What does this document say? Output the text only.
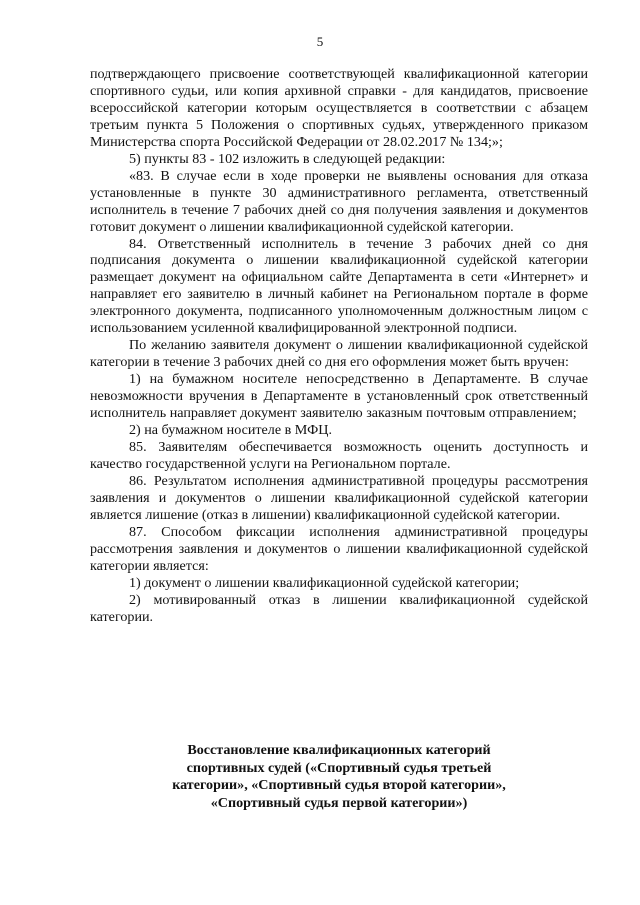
5

подтверждающего присвоение соответствующей квалификационной категории спортивного судьи, или копия архивной справки - для кандидатов, присвоение всероссийской категории которым осуществляется в соответствии с абзацем третьим пункта 5 Положения о спортивных судьях, утвержденного приказом Министерства спорта Российской Федерации от 28.02.2017 № 134;»;

5) пункты 83 - 102 изложить в следующей редакции:

«83. В случае если в ходе проверки не выявлены основания для отказа установленные в пункте 30 административного регламента, ответственный исполнитель в течение 7 рабочих дней со дня получения заявления и документов готовит документ о лишении квалификационной судейской категории.

84. Ответственный исполнитель в течение 3 рабочих дней со дня подписания документа о лишении квалификационной судейской категории размещает документ на официальном сайте Департамента в сети «Интернет» и направляет его заявителю в личный кабинет на Региональном портале в форме электронного документа, подписанного уполномоченным должностным лицом с использованием усиленной квалифицированной электронной подписи.

По желанию заявителя документ о лишении квалификационной судейской категории в течение 3 рабочих дней со дня его оформления может быть вручен:

1) на бумажном носителе непосредственно в Департаменте. В случае невозможности вручения в Департаменте в установленный срок ответственный исполнитель направляет документ заявителю заказным почтовым отправлением;

2) на бумажном носителе в МФЦ.

85. Заявителям обеспечивается возможность оценить доступность и качество государственной услуги на Региональном портале.

86. Результатом исполнения административной процедуры рассмотрения заявления и документов о лишении квалификационной судейской категории является лишение (отказ в лишении) квалификационной судейской категории.

87. Способом фиксации исполнения административной процедуры рассмотрения заявления и документов о лишении квалификационной судейской категории является:

1) документ о лишении квалификационной судейской категории;

2) мотивированный отказ в лишении квалификационной судейской категории.

Восстановление квалификационных категорий
спортивных судей («Спортивный судья третьей
категории», «Спортивный судья второй категории»,
«Спортивный судья первой категории»)
